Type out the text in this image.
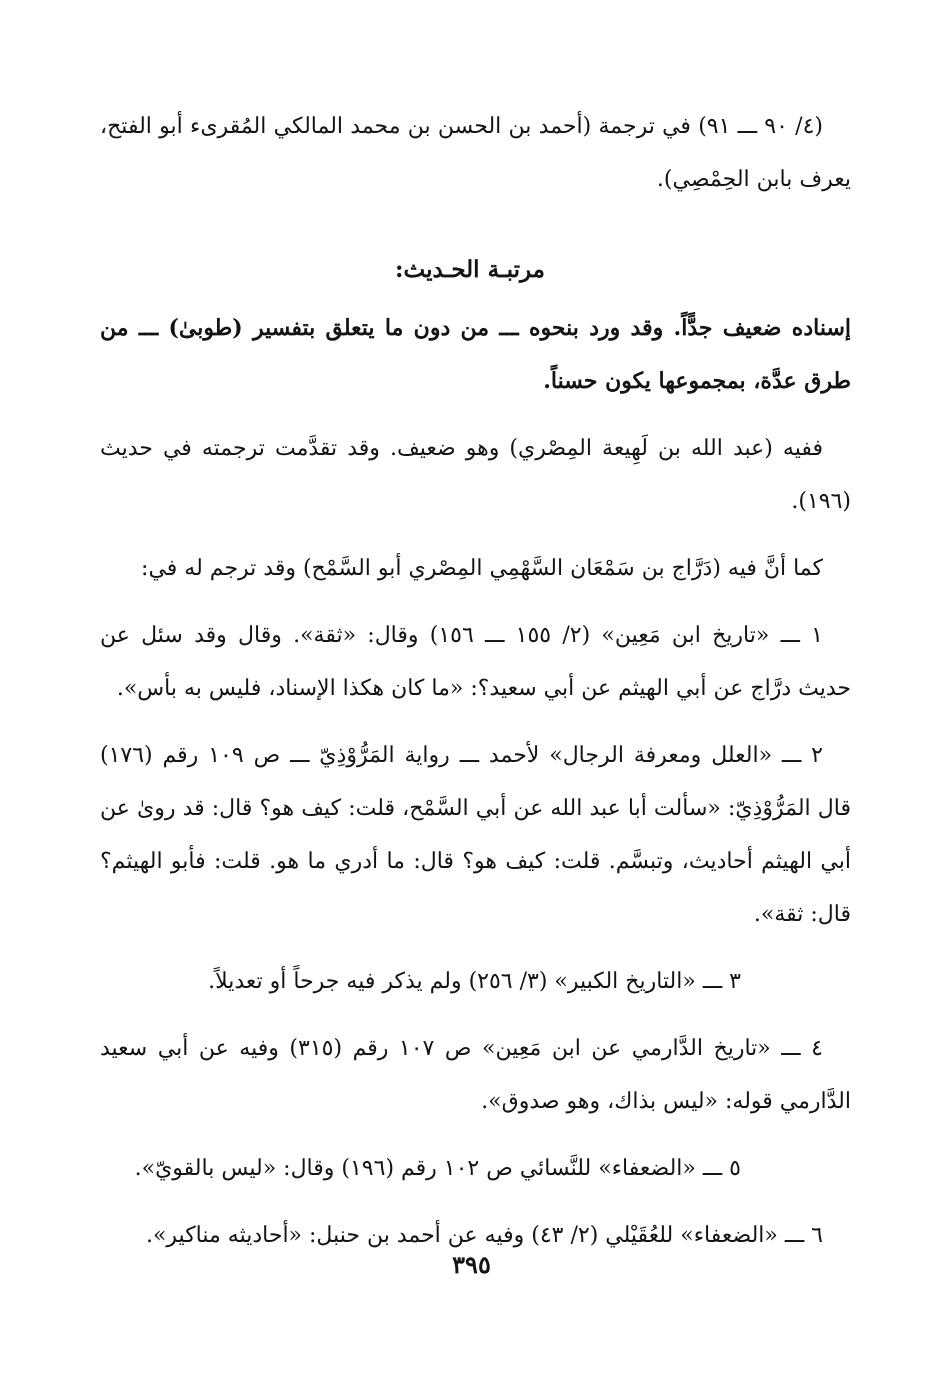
(٤/ ٩٠ ـــ ٩١) في ترجمة (أحمد بن الحسن بن محمد المالكي المُقرىء أبو الفتح، يعرف بابن الحِمْصِي).

مرتبـة الحـديث:

إسناده ضعيف جدًّاً. وقد ورد بنحوه ـــ من دون ما يتعلق بتفسير (طوبىٰ) ـــ من طرق عدَّة، بمجموعها يكون حسناً.

ففيه (عبد الله بن لَهِيعة المِصْري) وهو ضعيف. وقد تقدَّمت ترجمته في حديث (١٩٦).

كما أنَّ فيه (دَرَّاج بن سَمْعَان السَّهْمِي المِصْري أبو السَّمْح) وقد ترجم له في:

١ ـــ «تاريخ ابن مَعِين» (٢/ ١٥٥ ـــ ١٥٦) وقال: «ثقة». وقال وقد سئل عن حديث درَّاج عن أبي الهيثم عن أبي سعيد؟: «ما كان هكذا الإسناد، فليس به بأس».

٢ ـــ «العلل ومعرفة الرجال» لأحمد ـــ رواية المَرُّوْذِيّ ـــ ص ١٠٩ رقم (١٧٦) قال المَرُّوْذِيّ: «سألت أبا عبد الله عن أبي السَّمْح، قلت: كيف هو؟ قال: قد روىٰ عن أبي الهيثم أحاديث، وتبسَّم. قلت: كيف هو؟ قال: ما أدري ما هو. قلت: فأبو الهيثم؟ قال: ثقة».

٣ ـــ «التاريخ الكبير» (٣/ ٢٥٦) ولم يذكر فيه جرحاً أو تعديلاً.

٤ ـــ «تاريخ الدَّارمي عن ابن مَعِين» ص ١٠٧ رقم (٣١٥) وفيه عن أبي سعيد الدَّارمي قوله: «ليس بذاك، وهو صدوق».

٥ ـــ «الضعفاء» للنَّسائي ص ١٠٢ رقم (١٩٦) وقال: «ليس بالقويّ».

٦ ـــ «الضعفاء» للعُقَيْلي (٢/ ٤٣) وفيه عن أحمد بن حنبل: «أحاديثه مناكير».

٣٩٥
